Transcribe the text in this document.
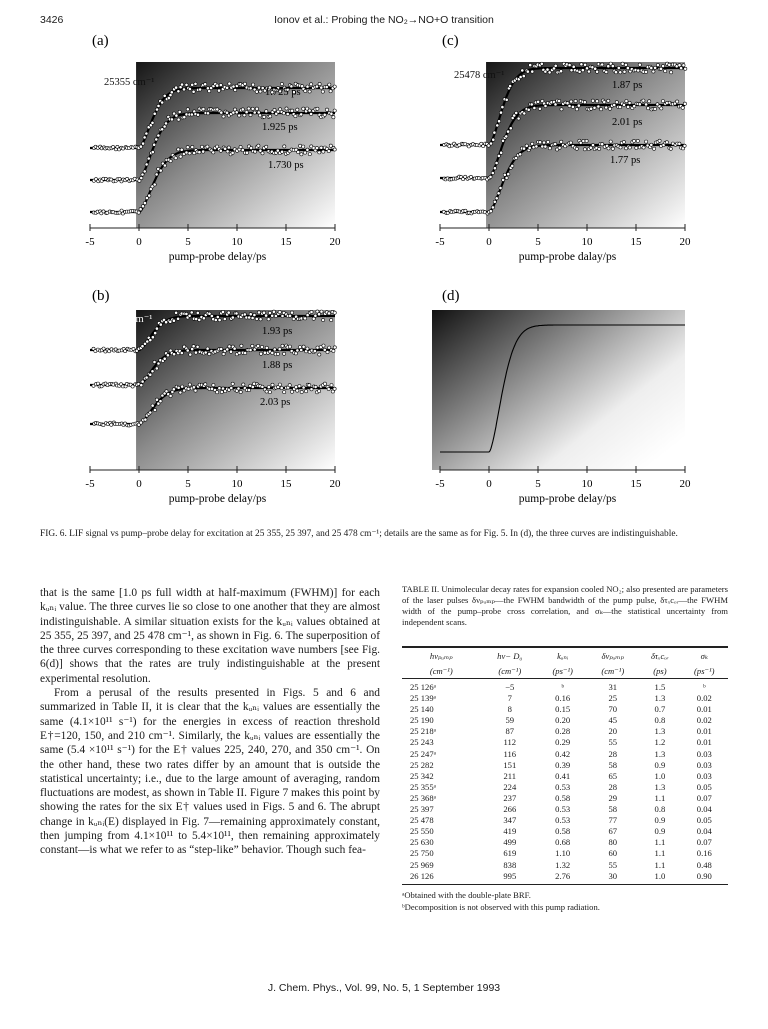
3426	Ionov et al.: Probing the NO₂→NO+O transition
-5	0	5	10	15	20
pump-probe delay/ps
(a)
25355 cm⁻¹
1.725 ps
1.925 ps
1.730 ps
-5	0	5	10	15	20
pump-probe dalay/ps
(c)
25478 cm⁻¹
1.87 ps
2.01 ps
1.77 ps
-5	0	5	10	15	20
pump-probe delay/ps
(b)
25397 cm⁻¹
1.93 ps
1.88 ps
2.03 ps
-5	0	5	10	15	20
pump-probe delay/ps
(d)
FIG. 6. LIF signal vs pump–probe delay for excitation at 25 355, 25 397, and 25 478 cm⁻¹; details are the same as for Fig. 5. In (d), the three curves are indistinguishable.

that is the same [1.0 ps full width at half-maximum (FWHM)] for each kᵤₙᵢ value. The three curves lie so close to one another that they are almost indistinguishable. A similar situation exists for the kᵤₙᵢ values obtained at 25 355, 25 397, and 25 478 cm⁻¹, as shown in Fig. 6. The superposition of the three curves corresponding to these excitation wave numbers [see Fig. 6(d)] shows that the rates are truly indistinguishable at the present experimental resolution.

From a perusal of the results presented in Figs. 5 and 6 and summarized in Table II, it is clear that the kᵤₙᵢ values are essentially the same (4.1×10¹¹ s⁻¹) for the energies in excess of reaction threshold E†=120, 150, and 210 cm⁻¹. Similarly, the kᵤₙᵢ values are essentially the same (5.4 ×10¹¹ s⁻¹) for the E† values 225, 240, 270, and 350 cm⁻¹. On the other hand, these two rates differ by an amount that is outside the statistical uncertainty; i.e., due to the large amount of averaging, random fluctuations are modest, as shown in Table II. Figure 7 makes this point by showing the rates for the six E† values used in Figs. 5 and 6. The abrupt change in kᵤₙᵢ(E) displayed in Fig. 7—remaining approximately constant, then jumping from 4.1×10¹¹ to 5.4×10¹¹, then remaining approximately constant—is what we refer to as “step-like” behavior. Though such fea-

TABLE II. Unimolecular decay rates for expansion cooled NO₂; also presented are parameters of the laser pulses δνₚᵤₘₚ—the FWHM bandwidth of the pump pulse, δτₓcₒᵣ—the FWHM width of the pump–probe cross correlation, and σₖ—the statistical uncertainty from independent scans.
hνₚᵤₘₚ	hν− D₀	kᵤₙᵢ	δνₚᵤₘₚ	δτₓcₒᵣ	σₖ
(cm⁻¹)	(cm⁻¹)	(ps⁻¹)	(cm⁻¹)	(ps)	(ps⁻¹)
25 126ᵃ	−5	ᵇ	31	1.5	ᵇ
25 139ᵃ	7	0.16	25	1.3	0.02
25 140	8	0.15	70	0.7	0.01
25 190	59	0.20	45	0.8	0.02
25 218ᵃ	87	0.28	20	1.3	0.01
25 243	112	0.29	55	1.2	0.01
25 247ᵃ	116	0.42	28	1.3	0.03
25 282	151	0.39	58	0.9	0.03
25 342	211	0.41	65	1.0	0.03
25 355ᵃ	224	0.53	28	1.3	0.05
25 368ᵃ	237	0.58	29	1.1	0.07
25 397	266	0.53	58	0.8	0.04
25 478	347	0.53	77	0.9	0.05
25 550	419	0.58	67	0.9	0.04
25 630	499	0.68	80	1.1	0.07
25 750	619	1.10	60	1.1	0.16
25 969	838	1.32	55	1.1	0.48
26 126	995	2.76	30	1.0	0.90
ᵃObtained with the double-plate BRF.
ᵇDecomposition is not observed with this pump radiation.
J. Chem. Phys., Vol. 99, No. 5, 1 September 1993
